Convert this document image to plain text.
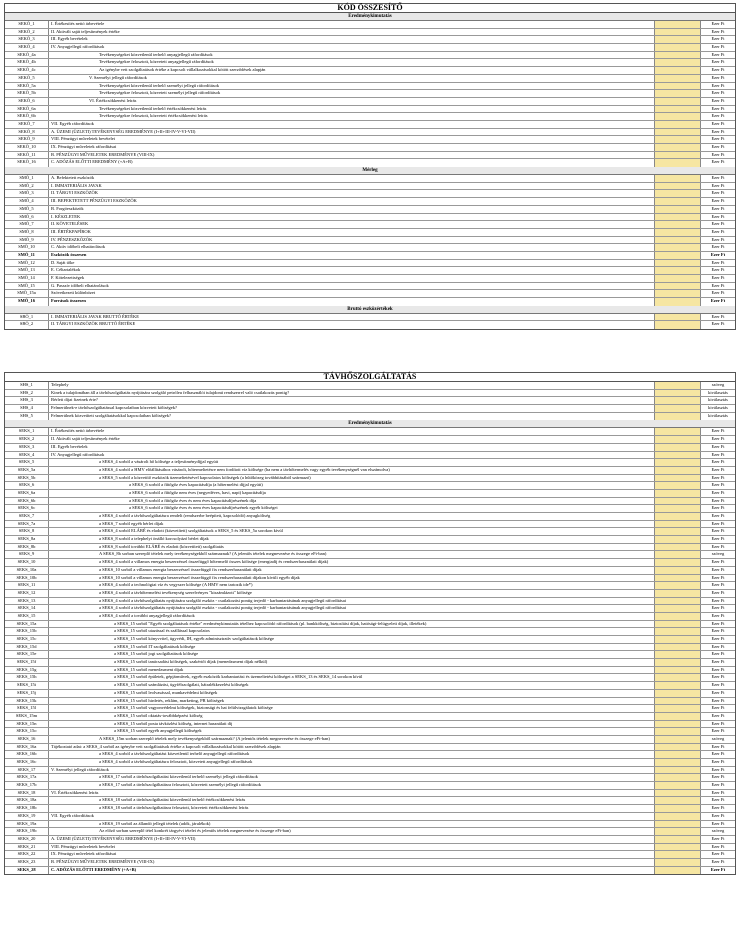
KÓD ÖSSZESÍTŐ
Eredménykimutatás
SEKÖ_1	I. Értékesítés nettó árbevétele	Ezer Ft
SEKÖ_2	II. Aktivált saját teljesítmények értéke	Ezer Ft
SEKÖ_3	III. Egyéb bevételek	Ezer Ft
SEKÖ_4	IV. Anyagjellegű ráfordítások	Ezer Ft
SEKÖ_4a	Tevékenységeket közvetlenül terhelő anyagjellegű ráfordítások	Ezer Ft
SEKÖ_4b	Tevékenységekre felosztott, közvetett anyagjellegű ráfordítások	Ezer Ft
SEKÖ_4c	Az igénybe vett szolgáltatások értéke a kapcsolt vállalkozásokkal kötött szerződések alapján	Ezer Ft
SEKÖ_5	V. Személyi jellegű ráfordítások	Ezer Ft
SEKÖ_5a	Tevékenységeket közvetlenül terhelő személyi jellegű ráfordítások	Ezer Ft
SEKÖ_5b	Tevékenységekre felosztott, közvetett személyi jellegű ráfordítások	Ezer Ft
SEKÖ_6	VI. Értékcsökkenési leírás	Ezer Ft
SEKÖ_6a	Tevékenységeket közvetlenül terhelő értékcsökkenési leírás	Ezer Ft
SEKÖ_6b	Tevékenységekre felosztott, közvetett értékcsökkenési leírás	Ezer Ft
SEKÖ_7	VII. Egyéb ráfordítások	Ezer Ft
SEKÖ_8	A. ÜZEMI (ÜZLETI) TEVÉKENYSÉG EREDMÉNYE (I+II+III-IV-V-VI-VII)	Ezer Ft
SEKÖ_9	VIII. Pénzügyi műveletek bevételei	Ezer Ft
SEKÖ_10	IX. Pénzügyi műveletek ráfordításai	Ezer Ft
SEKÖ_11	B. PÉNZÜGYI MŰVELETEK EREDMÉNYE (VIII-IX)	Ezer Ft
SEKÖ_16	C. ADÓZÁS ELŐTTI EREDMÉNY (+A+B)	Ezer Ft
Mérleg
SMÖ_1	A. Befektetett eszközök	Ezer Ft
SMÖ_2	I. IMMATERIÁLIS JAVAK	Ezer Ft
SMÖ_3	II. TÁRGYI ESZKÖZÖK	Ezer Ft
SMÖ_4	III. BEFEKTETETT PÉNZÜGYI ESZKÖZÖK	Ezer Ft
SMÖ_5	B. Forgóeszközök	Ezer Ft
SMÖ_6	I. KÉSZLETEK	Ezer Ft
SMÖ_7	II. KÖVETELÉSEK	Ezer Ft
SMÖ_8	III. ÉRTÉKPAPÍROK	Ezer Ft
SMÖ_9	IV. PÉNZESZKÖZÖK	Ezer Ft
SMÖ_10	C. Aktív időbeli elhatárolások	Ezer Ft
SMÖ_11	Eszközök összesen	Ezer Ft
SMÖ_12	D. Saját tőke	Ezer Ft
SMÖ_13	E. Céltartalékok	Ezer Ft
SMÖ_14	F. Kötelezettségek	Ezer Ft
SMÖ_15	G. Passzív időbeli elhatárolások	Ezer Ft
SMÖ_15a	Szövetkezeti különbözet	Ezer Ft
SMÖ_16	Források összesen	Ezer Ft
Bruttó eszközértékek
SBÖ_1	I. IMMATERIÁLIS JAVAK BRUTTÓ ÉRTÉKE	Ezer Ft
SBÖ_2	II. TÁRGYI ESZKÖZÖK BRUTTÓ ÉRTÉKE	Ezer Ft
TÁVHŐSZOLGÁLTATÁS
SHS_1	Telephely	szöveg
SHS_2	Kinek a tulajdonában áll a távhőszolgáltatás nyújtására szolgáló petróleu felhasználói tulajdonú rendszerrel való csatlakozás pontig?	kiválasztás
SHS_3	Bérleti díjat fizetnek érte?	kiválasztás
SHS_4	Felmerülnek-e távhőszolgáltatással kapcsolatban közvetett költségek?	kiválasztás
SHS_5	Felmerülnek közvetített szolgáltatásokkal kapcsolatban költségek?	kiválasztás
Eredménykimutatás
SEKS_1	I. Értékesítés nettó árbevétele	Ezer Ft
SEKS_2	II. Aktivált saját teljesítmények értéke	Ezer Ft
SEKS_3	III. Egyéb bevételek	Ezer Ft
SEKS_4	IV. Anyagjellegű ráfordítások	Ezer Ft
SEKS_5	a SEKS_4 sorból a vásárolt hő költsége a teljesítménydíjjal együtt	Ezer Ft
SEKS_5a	a SEKS_4 sorból a HMV előállításához vásárolt, hőtermeltetésre nem fordított víz költsége (ha nem a távhőtermelés vagy egyéb tevékenységnél van elszámolva)	Ezer Ft
SEKS_5b	a SEKS_5 sorból a közvetítő eszközök üzemeltetésével kapcsolatos költségek (a hűtőközeg továbbításából származó)	Ezer Ft
SEKS_6	a SEKS_6 sorból a fűtőgőz éves kapacitásdíja (a hőtermelési díjjal együtt)	Ezer Ft
SEKS_6a	a SEKS_6 sorból a fűtőgőz nem éves (negyedéves, havi, napi) kapacitásdíja	Ezer Ft
SEKS_6b	a SEKS_6 sorból a fűtőgőz éves és nem éves kapacitásdíjrészének díja	Ezer Ft
SEKS_6c	a SEKS_6 sorból a fűtőgőz éves és nem éves kapacitásdíjrészének egyéb költségei	Ezer Ft
SEKS_7	a SEKS_4 sorból a távhőszolgáltatásra rendelt (rendszerbe beépített, kapcsolódó) anyagköltség	Ezer Ft
SEKS_7a	a SEKS_7 sorból egyéb bérlet díjak	Ezer Ft
SEKS_8	a SEKS_4 sorból ELÁBÉ és eladott (közvetített) szolgáltatások a SEKS_5 és SEKS_5a sorokon kívül	Ezer Ft
SEKS_8a	a SEKS_8 sorból a telephelyi önálló korcsolyázó bérlet díjak	Ezer Ft
SEKS_8b	a SEKS_8 sorból további ELÁBÉ és eladott (közvetített) szolgáltatás	Ezer Ft
SEKS_9	A SEKS_8b sorban szereplő tételek mely tevékenységekből származnak? (A jelentős tételek megnevezése és összege eFt-ban)	szöveg
SEKS_10	a SEKS_4 sorból a villamos energia beszerzéssel összefüggő hőtermelő összes költsége (energiadíj és rendszerhasználati díjak)	Ezer Ft
SEKS_10a	a SEKS_10 sorból a villamos energia beszerzéssel összefüggő fix rendszerhasználati díjak	Ezer Ft
SEKS_10b	a SEKS_10 sorból a villamos energia beszerzéssel összefüggő fix rendszerhasználati díjakon kívüli egyéb díjak	Ezer Ft
SEKS_11	a SEKS_4 sorból a technológiai víz és vegyszer költsége (A HMV nem tartozik ide*)	Ezer Ft
SEKS_12	a SEKS_4 sorból a távhőtermelési tevékenység szerelvényes "kiszámlázott" költsége	Ezer Ft
SEKS_13	a SEKS_4 sorból a távhőszolgáltatás nyújtására szolgáló eszköz - csatlakozási pontig terjedő - karbantartásának anyagjellegű ráfordításai	Ezer Ft
SEKS_14	a SEKS_4 sorból a távhőszolgáltatás nyújtására szolgáló eszköz - csatlakozási pontig terjedő - karbantartásának anyagjellegű ráfordításai	Ezer Ft
SEKS_15	a SEKS_4 sorból a további anyagjellegű ráfordítások	Ezer Ft
SEKS_15a	a SEKS_15 sorból "Egyéb szolgáltatások értéke" eredménykimutatás tételhez kapcsolódó ráfordítások (pl. bankköltség, biztosítási díjak, hatósági-felügyeleti díjak, illetékek)	Ezer Ft
SEKS_15b	a SEKS_15 sorból utazással és szállással kapcsolatos	Ezer Ft
SEKS_15c	a SEKS_15 sorból könyvvitel, ügyvédi, IH, egyéb adminisztratív szolgáltatások költsége	Ezer Ft
SEKS_15d	a SEKS_15 sorból IT szolgáltatások költsége	Ezer Ft
SEKS_15e	a SEKS_15 sorból jogi szolgáltatások költsége	Ezer Ft
SEKS_15f	a SEKS_15 sorból tanácsadási költségek, szakértői díjak (menedzsment díjak nélkül)	Ezer Ft
SEKS_15g	a SEKS_15 sorból menedzsment díjak	Ezer Ft
SEKS_15h	a SEKS_15 sorból épületek, gépjárművek, egyéb eszközök karbantartási és üzemeltetési költségei a SEKS_13 és SEKS_14 sorokon kívül	Ezer Ft
SEKS_15i	a SEKS_15 sorból számlázási, ügyfélszolgálati, hátralékkezelési költségek	Ezer Ft
SEKS_15j	a SEKS_15 sorból leolvasással, munkavédelmi költségek	Ezer Ft
SEKS_15k	a SEKS_15 sorból hirdetés, reklám, marketing, PR költségek	Ezer Ft
SEKS_15l	a SEKS_15 sorból vagyonvédelmi költségek, biztonsági és hat felülvizsgálatok költsége	Ezer Ft
SEKS_15m	a SEKS_15 sorból oktatás-továbbképzési költség	Ezer Ft
SEKS_15n	a SEKS_15 sorból posta távközlési költség, internet használati díj	Ezer Ft
SEKS_15o	a SEKS_15 sorból egyéb anyagjellegű költségek	Ezer Ft
SEKS_16	A SEKS_15m sorban szereplő tételek mely tevékenységekből származnak? (A jelentős tételek megnevezése és összege eFt-ban)	szöveg
SEKS_16a	Tájékoztató adat: a SEKS_4 sorból az igénybe vett szolgáltatások értéke a kapcsolt vállalkozásokkal kötött szerződések alapján	Ezer Ft
SEKS_16b	a SEKS_4 sorból a távhőszolgáltatást közvetlenül terhelő anyagjellegű ráfordítások	Ezer Ft
SEKS_16c	a SEKS_4 sorból a távhőszolgáltatásra felosztott, közvetett anyagjellegű ráfordítások	Ezer Ft
SEKS_17	V. Személyi jellegű ráfordítások	Ezer Ft
SEKS_17a	a SEKS_17 sorból a távhőszolgáltatást közvetlenül terhelő személyi jellegű ráfordítások	Ezer Ft
SEKS_17b	a SEKS_17 sorból a távhőszolgáltatásra felosztott, közvetett személyi jellegű ráfordítások	Ezer Ft
SEKS_18	VI. Értékcsökkenési leírás	Ezer Ft
SEKS_18a	a SEKS_18 sorból a távhőszolgáltatást közvetlenül terhelő értékcsökkenési leírás	Ezer Ft
SEKS_18b	a SEKS_18 sorból a távhőszolgáltatásra felosztott, közvetett értékcsökkenési leírás	Ezer Ft
SEKS_19	VII. Egyéb ráfordítások	Ezer Ft
SEKS_19a	a SEKS_19 sorból az állandó jellegű tételek (adók, járulékok)	Ezer Ft
SEKS_19b	Az előző sorban szereplő tétel konkrét tárgyévi tételei és jelentős tételek megnevezése és összege eFt-ban)	szöveg
SEKS_20	A. ÜZEMI (ÜZLETI) TEVÉKENYSÉG EREDMÉNYE (I+II+III-IV-V-VI-VII)	Ezer Ft
SEKS_21	VIII. Pénzügyi műveletek bevételei	Ezer Ft
SEKS_22	IX. Pénzügyi műveletek ráfordításai	Ezer Ft
SEKS_23	B. PÉNZÜGYI MŰVELETEK EREDMÉNYE (VIII-IX)	Ezer Ft
SEKS_28	C. ADÓZÁS ELŐTTI EREDMÉNY (+A+B)	Ezer Ft
